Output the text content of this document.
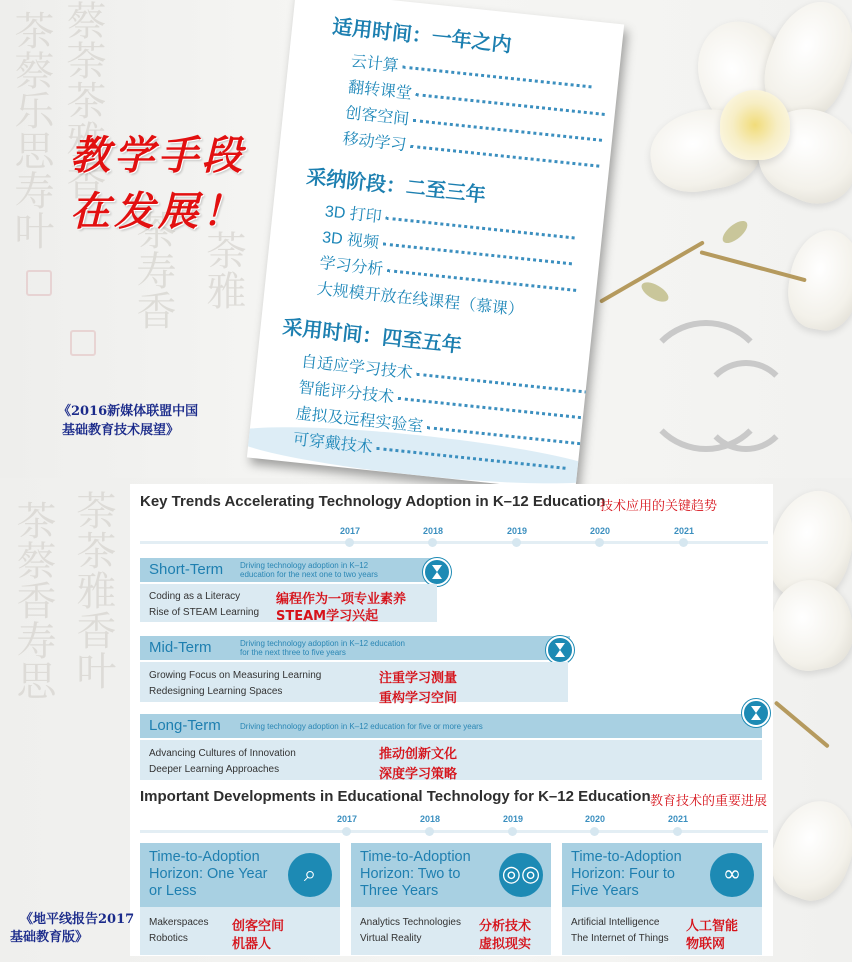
茶蔡乐思寿叶 蔡荼茶雅香
茶寿香 荼雅
茶蔡香寿思 荼茶雅香叶
教学手段
在发展！
《2016新媒体联盟中国
基础教育技术展望》
适用时间：一年之内
云计算
翻转课堂
创客空间
移动学习
采纳阶段：二至三年
3D 打印
3D 视频
学习分析
大规模开放在线课程（慕课）
采用时间：四至五年
自适应学习技术
智能评分技术
虚拟及远程实验室
可穿戴技术
Key Trends Accelerating Technology Adoption in K–12 Education
技术应用的关键趋势
2017	2018	2019	2020	2021
Short-Term Driving technology adoption in K–12
education for the next one to two years
Coding as a Literacy
Rise of STEAM Learning
编程作为一项专业素养
STEAM学习兴起
Mid-Term	Driving technology adoption in K–12 education
for the next three to five years
Growing Focus on Measuring Learning
Redesigning Learning Spaces
注重学习测量
重构学习空间
Long-Term Driving technology adoption in K–12 education for five or more years
Advancing Cultures of Innovation
Deeper Learning Approaches
推动创新文化
深度学习策略
Important Developments in Educational Technology for K–12 Education 教育技术的重要进展
2017	2018	2019	2020	2021
Time-to-Adoption
Horizon: One Year
or Less
⌕
Makerspaces
Robotics
创客空间
机器人
Time-to-Adoption
Horizon: Two to
Three Years
◎◎
Analytics Technologies
Virtual Reality
分析技术
虚拟现实
Time-to-Adoption
Horizon: Four to
Five Years
∞
Artificial Intelligence
The Internet of Things
人工智能
物联网
《地平线报告2017
基础教育版》
